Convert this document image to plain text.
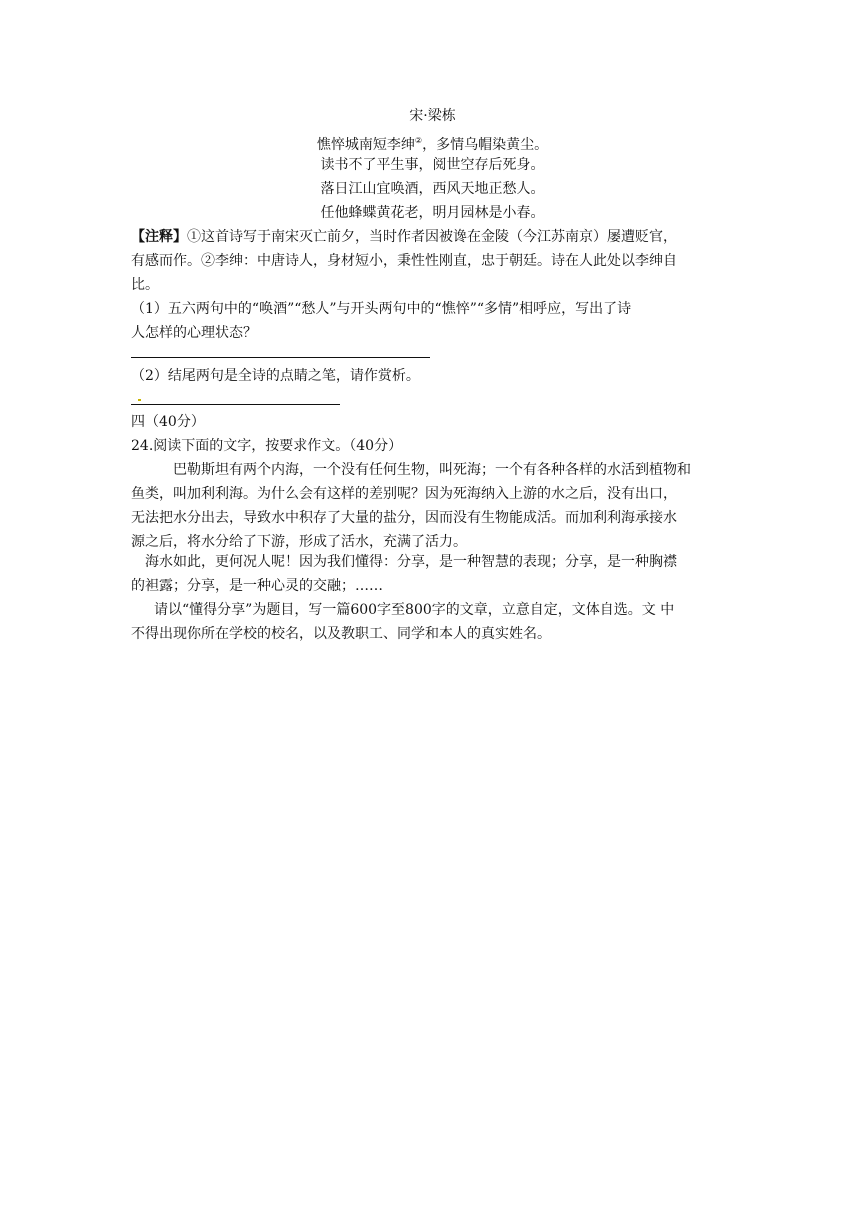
宋·梁栋
憔悴城南短李绅②，多情乌帽染黄尘。
读书不了平生事，阅世空存后死身。
落日江山宜唤酒，西风天地正愁人。
任他蜂蝶黄花老，明月园林是小春。
【注释】①这首诗写于南宋灭亡前夕，当时作者因被谗在金陵（今江苏南京）屡遭贬官，
有感而作。②李绅：中唐诗人，身材短小，秉性性刚直，忠于朝廷。诗在人此处以李绅自
比。
（1）五六两句中的“唤酒”“愁人”与开头两句中的“憔悴”“多情”相呼应，写出了诗
人怎样的心理状态？
（2）结尾两句是全诗的点睛之笔，请作赏析。
四（40分）
24.阅读下面的文字，按要求作文。（40分）
巴勒斯坦有两个内海，一个没有任何生物，叫死海；一个有各种各样的水活到植物和
鱼类，叫加利利海。为什么会有这样的差别呢？因为死海纳入上游的水之后，没有出口，
无法把水分出去，导致水中积存了大量的盐分，因而没有生物能成活。而加利利海承接水
源之后，将水分给了下游，形成了活水，充满了活力。
海水如此，更何况人呢！因为我们懂得：分享，是一种智慧的表现；分享，是一种胸襟
的袒露；分享，是一种心灵的交融；……
请以“懂得分享”为题目，写一篇600字至800字的文章，立意自定，文体自选。文 中
不得出现你所在学校的校名，以及教职工、同学和本人的真实姓名。
